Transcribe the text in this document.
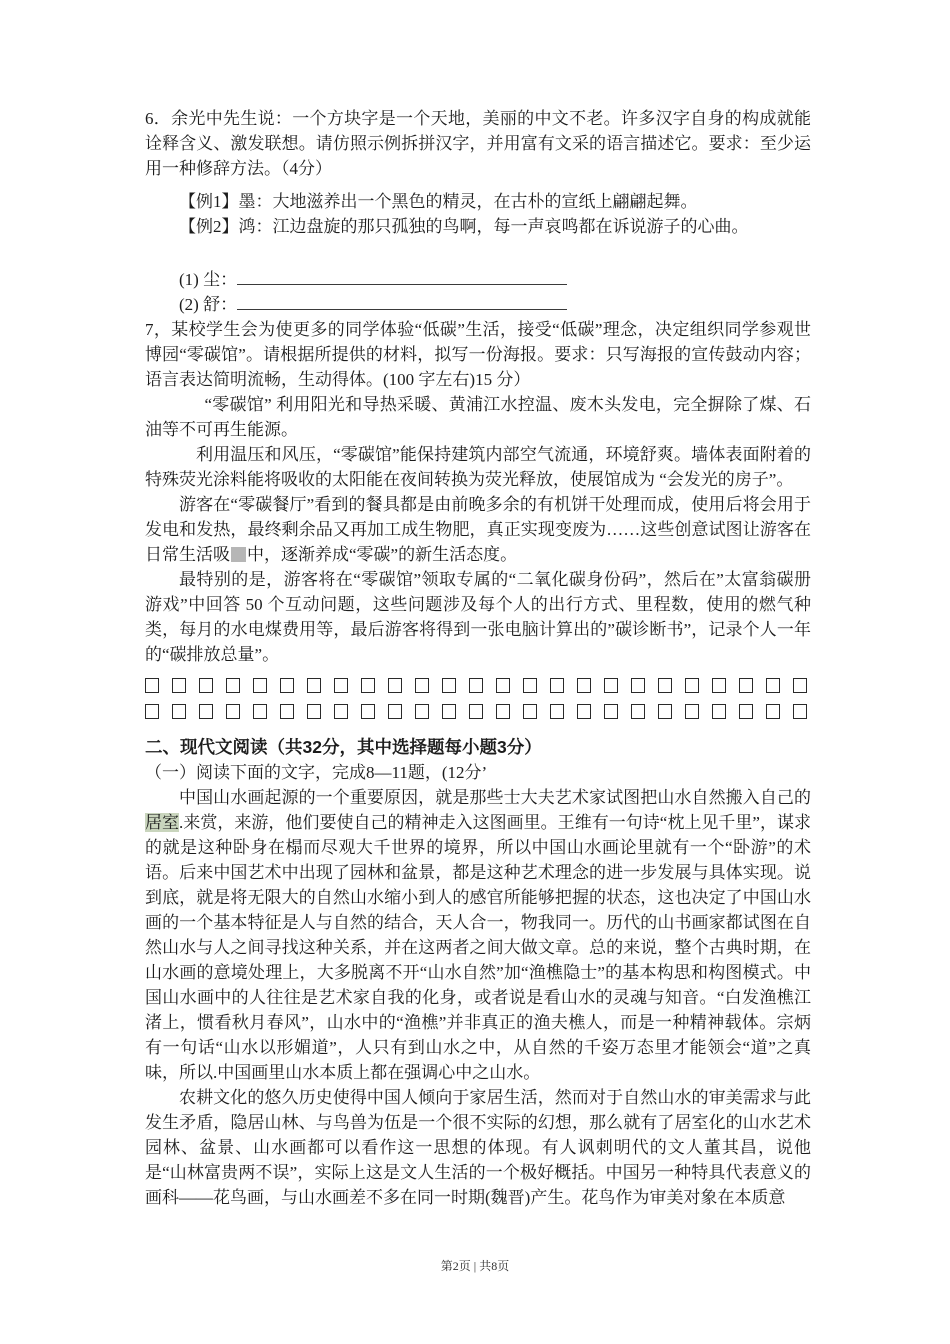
6．余光中先生说：一个方块字是一个天地，美丽的中文不老。许多汉字自身的构成就能诠释含义、激发联想。请仿照示例拆拼汉字，并用富有文采的语言描述它。要求：至少运用一种修辞方法。（4分）

【例1】墨：大地滋养出一个黑色的精灵，在古朴的宣纸上翩翩起舞。

【例2】鸿：江边盘旋的那只孤独的鸟啊，每一声哀鸣都在诉说游子的心曲。

(1) 尘：

(2) 舒：

7，某校学生会为使更多的同学体验“低碳”生活，接受“低碳”理念，决定组织同学参观世博园“零碳馆”。请根据所提供的材料，拟写一份海报。要求：只写海报的宣传鼓动内容；语言表达简明流畅，生动得体。(100 字左右)15 分）

“零碳馆” 利用阳光和导热采暖、黄浦江水控温、废木头发电，完全摒除了煤、石油等不可再生能源。

利用温压和风压，“零碳馆”能保持建筑内部空气流通，环境舒爽。墙体表面附着的特殊荧光涂料能将吸收的太阳能在夜间转换为荧光释放，使展馆成为 “会发光的房子”。

游客在“零碳餐厅”看到的餐具都是由前晚多余的有机饼干处理而成，使用后将会用于发电和发热，最终剩余品又再加工成生物肥，真正实现变废为……这些创意试图让游客在日常生活吸 中，逐渐养成“零碳”的新生活态度。

最特别的是，游客将在“零碳馆”领取专属的“二氧化碳身份码”，然后在”太富翁碳册游戏”中回答 50 个互动问题，这些问题涉及每个人的出行方式、里程数，使用的燃气种类，每月的水电煤费用等，最后游客将得到一张电脑计算出的”碳诊断书”，记录个人一年的“碳排放总量”。

二、现代文阅读（共32分，其中选择题每小题3分）

（一）阅读下面的文字，完成8—11题，(12分’

中国山水画起源的一个重要原因，就是那些士大夫艺术家试图把山水自然搬入自己的居室.来赏，来游，他们要使自己的精神走入这图画里。王维有一句诗“枕上见千里”，谋求的就是这种卧身在榻而尽观大千世界的境界，所以中国山水画论里就有一个“卧游”的术语。后来中国艺术中出现了园林和盆景，都是这种艺术理念的进一步发展与具体实现。说到底，就是将无限大的自然山水缩小到人的感官所能够把握的状态，这也决定了中国山水画的一个基本特征是人与自然的结合，天人合一，物我同一。历代的山书画家都试图在自然山水与人之间寻找这种关系，并在这两者之间大做文章。总的来说，整个古典时期，在山水画的意境处理上，大多脱离不开“山水自然”加“渔樵隐士”的基本构思和构图模式。中国山水画中的人往往是艺术家自我的化身，或者说是看山水的灵魂与知音。“白发渔樵江渚上，惯看秋月春风”，山水中的“渔樵”并非真正的渔夫樵人，而是一种精神载体。宗炳有一句话“山水以形媚道”，人只有到山水之中，从自然的千姿万态里才能领会“道”之真味，所以.中国画里山水本质上都在强调心中之山水。

农耕文化的悠久历史使得中国人倾向于家居生活，然而对于自然山水的审美需求与此发生矛盾，隐居山林、与鸟兽为伍是一个很不实际的幻想，那么就有了居室化的山水艺术园林、盆景、山水画都可以看作这一思想的体现。有人讽刺明代的文人董其昌，说他是“山林富贵两不误”，实际上这是文人生活的一个极好概括。中国另一种特具代表意义的画科——花鸟画，与山水画差不多在同一时期(魏晋)产生。花鸟作为审美对象在本质意

第2页 | 共8页
